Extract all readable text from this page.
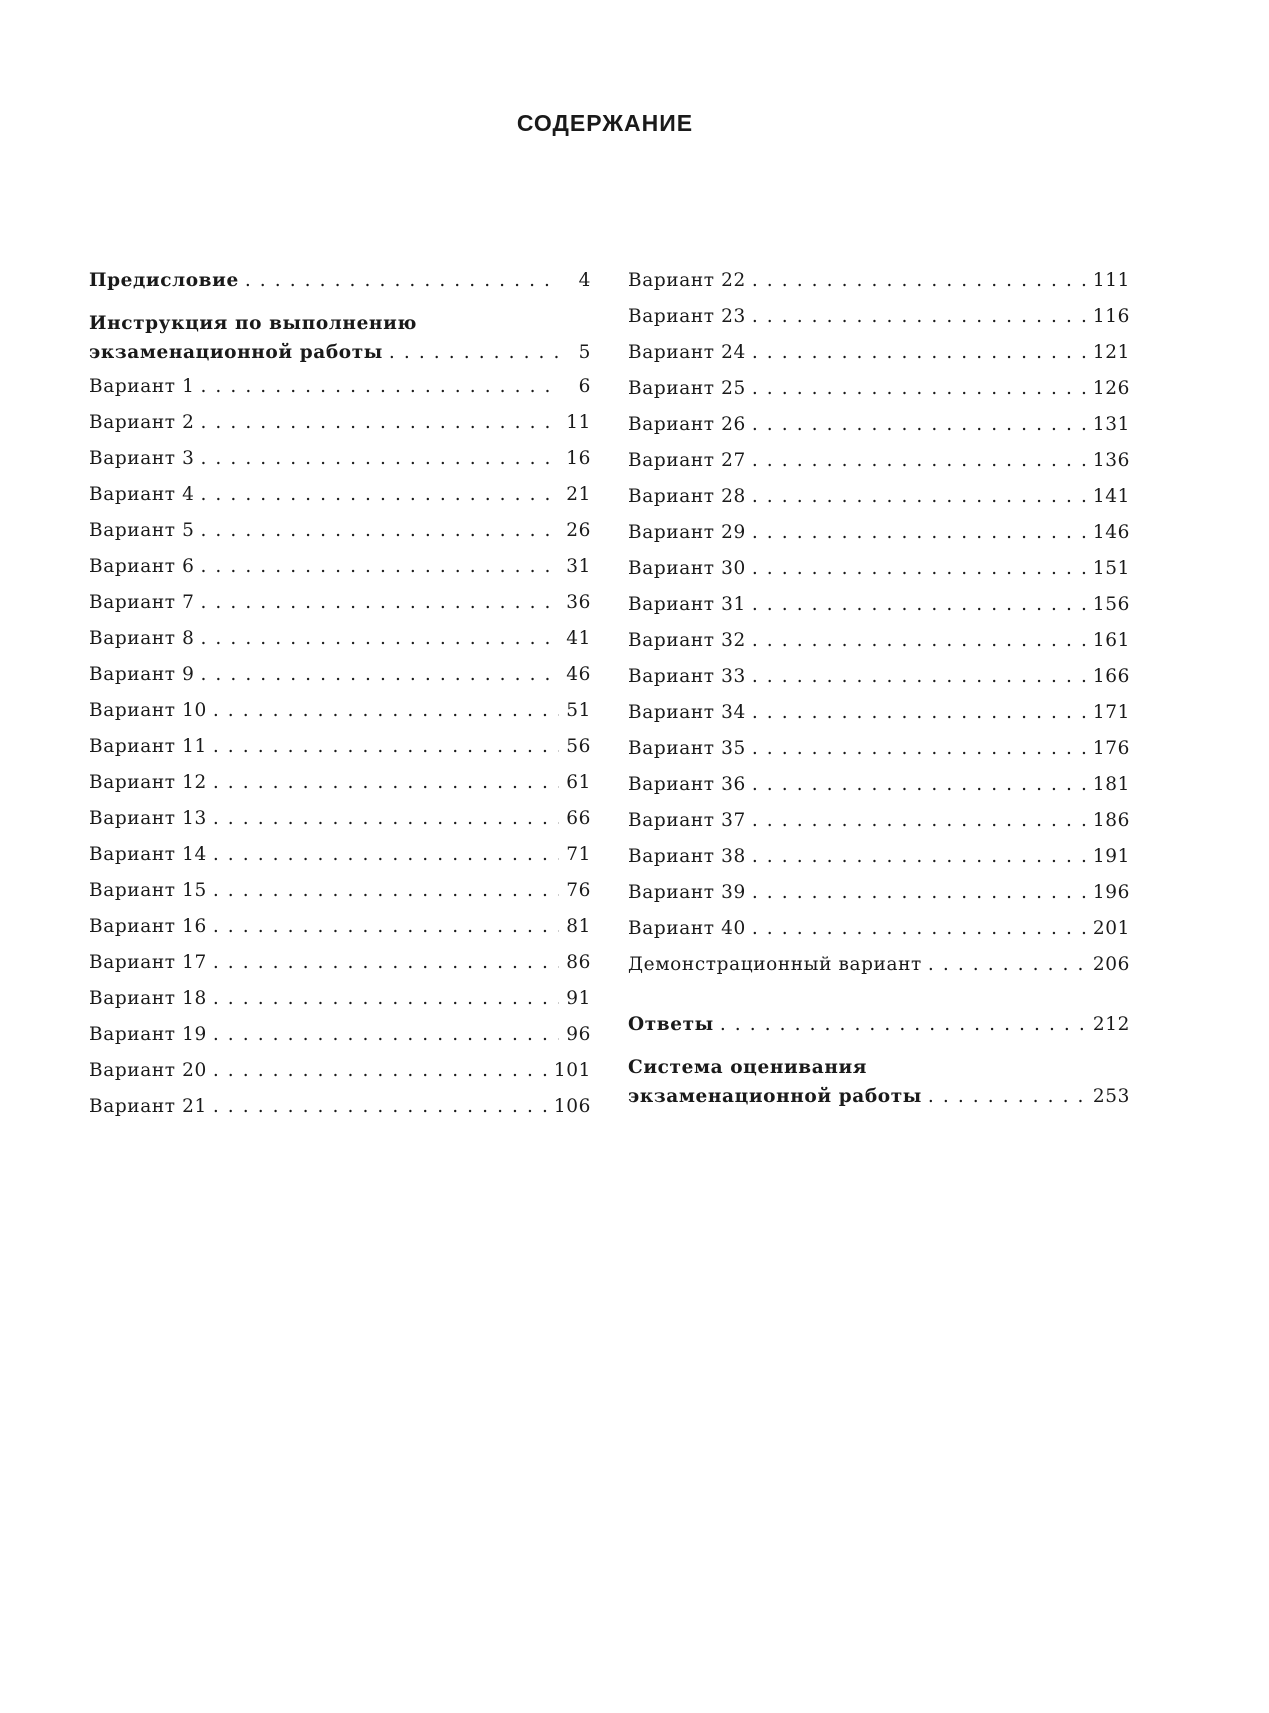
СОДЕРЖАНИЕ
Предисловие . . .	4
Инструкция по выполнению
экзаменационной работы . . .	5
Вариант 1 . . .	6
Вариант 2 . . .	11
Вариант 3 . . .	16
Вариант 4 . . .	21
Вариант 5 . . .	26
Вариант 6 . . .	31
Вариант 7 . . .	36
Вариант 8 . . .	41
Вариант 9 . . .	46
Вариант 10 . . .	51
Вариант 11 . . .	56
Вариант 12 . . .	61
Вариант 13 . . .	66
Вариант 14 . . .	71
Вариант 15 . . .	76
Вариант 16 . . .	81
Вариант 17 . . .	86
Вариант 18 . . .	91
Вариант 19 . . .	96
Вариант 20 . . .	101
Вариант 21 . . .	106
Вариант 22 . . .	111
Вариант 23 . . .	116
Вариант 24 . . .	121
Вариант 25 . . .	126
Вариант 26 . . .	131
Вариант 27 . . .	136
Вариант 28 . . .	141
Вариант 29 . . .	146
Вариант 30 . . .	151
Вариант 31 . . .	156
Вариант 32 . . .	161
Вариант 33 . . .	166
Вариант 34 . . .	171
Вариант 35 . . .	176
Вариант 36 . . .	181
Вариант 37 . . .	186
Вариант 38 . . .	191
Вариант 39 . . .	196
Вариант 40 . . .	201
Демонстрационный вариант . . .	206
Ответы . . .	212
Система оценивания
экзаменационной работы . . .	253
